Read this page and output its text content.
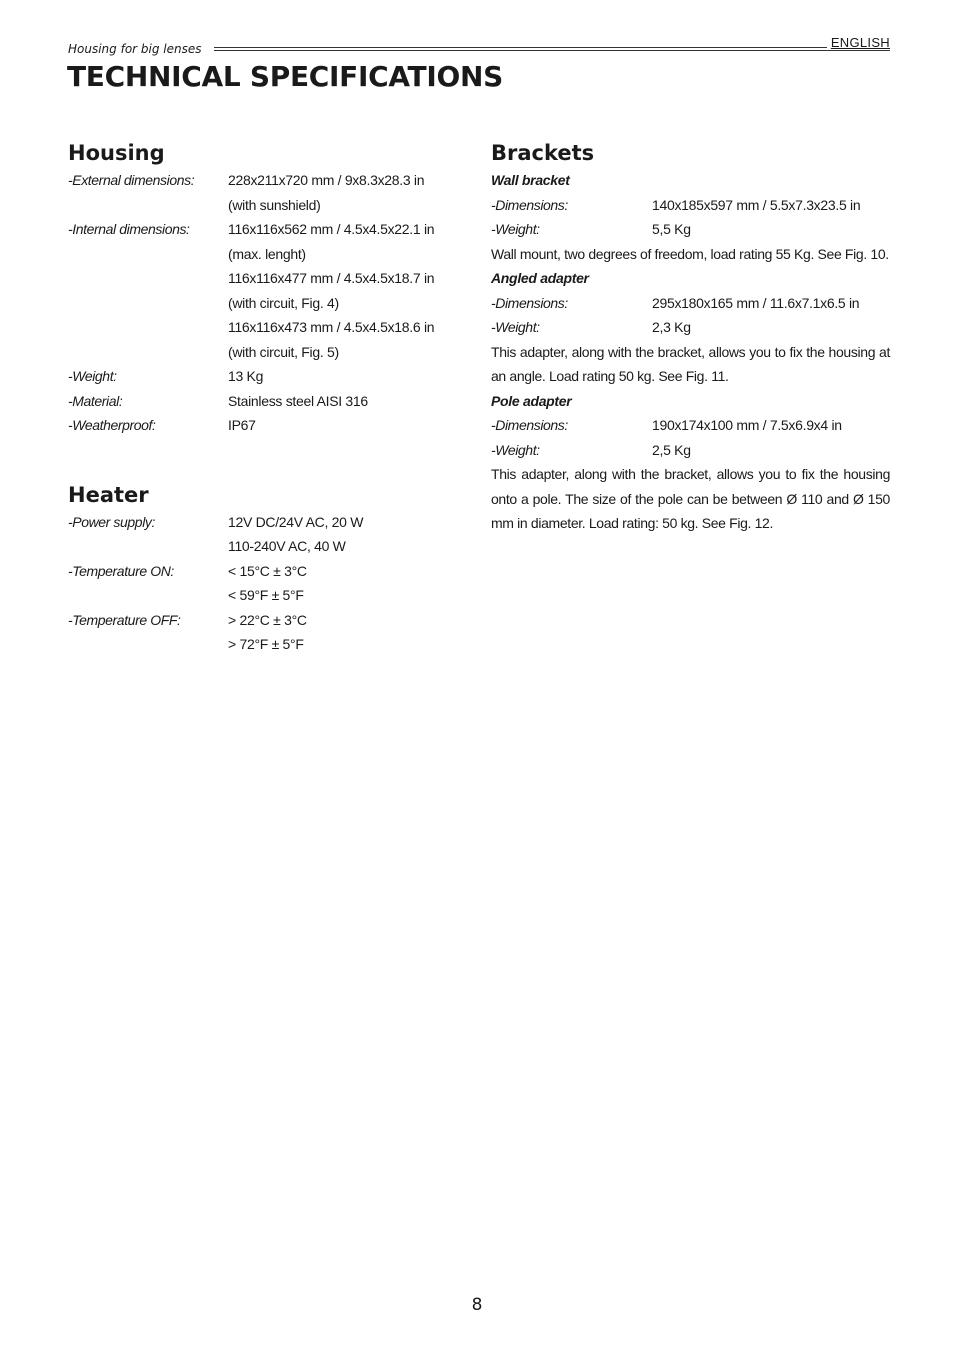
Housing for big lenses	ENGLISH
TECHNICAL SPECIFICATIONS
Housing
-External dimensions:	228x211x720 mm / 9x8.3x28.3 in
(with sunshield)
-Internal dimensions:	116x116x562 mm / 4.5x4.5x22.1 in
(max. lenght)
116x116x477 mm / 4.5x4.5x18.7 in
(with circuit, Fig. 4)
116x116x473 mm / 4.5x4.5x18.6 in
(with circuit, Fig. 5)
-Weight:	13 Kg
-Material:	Stainless steel AISI 316
-Weatherproof:	IP67
Heater
-Power supply:	12V DC/24V AC, 20 W
110-240V AC, 40 W
-Temperature ON:	< 15°C ± 3°C
< 59°F ± 5°F
-Temperature OFF:	> 22°C ± 3°C
> 72°F ± 5°F
Brackets
Wall bracket
-Dimensions:	140x185x597 mm / 5.5x7.3x23.5 in
-Weight:	5,5 Kg
Wall mount, two degrees of freedom, load rating 55 Kg. See Fig. 10.
Angled adapter
-Dimensions:	295x180x165 mm / 11.6x7.1x6.5 in
-Weight:	2,3 Kg
This adapter, along with the bracket, allows you to fix the housing at an angle. Load rating 50 kg. See Fig. 11.
Pole adapter
-Dimensions:	190x174x100 mm / 7.5x6.9x4 in
-Weight:	2,5 Kg
This adapter, along with the bracket, allows you to fix the housing onto a pole. The size of the pole can be between Ø 110 and Ø 150 mm in diameter. Load rating: 50 kg. See Fig. 12.
8
